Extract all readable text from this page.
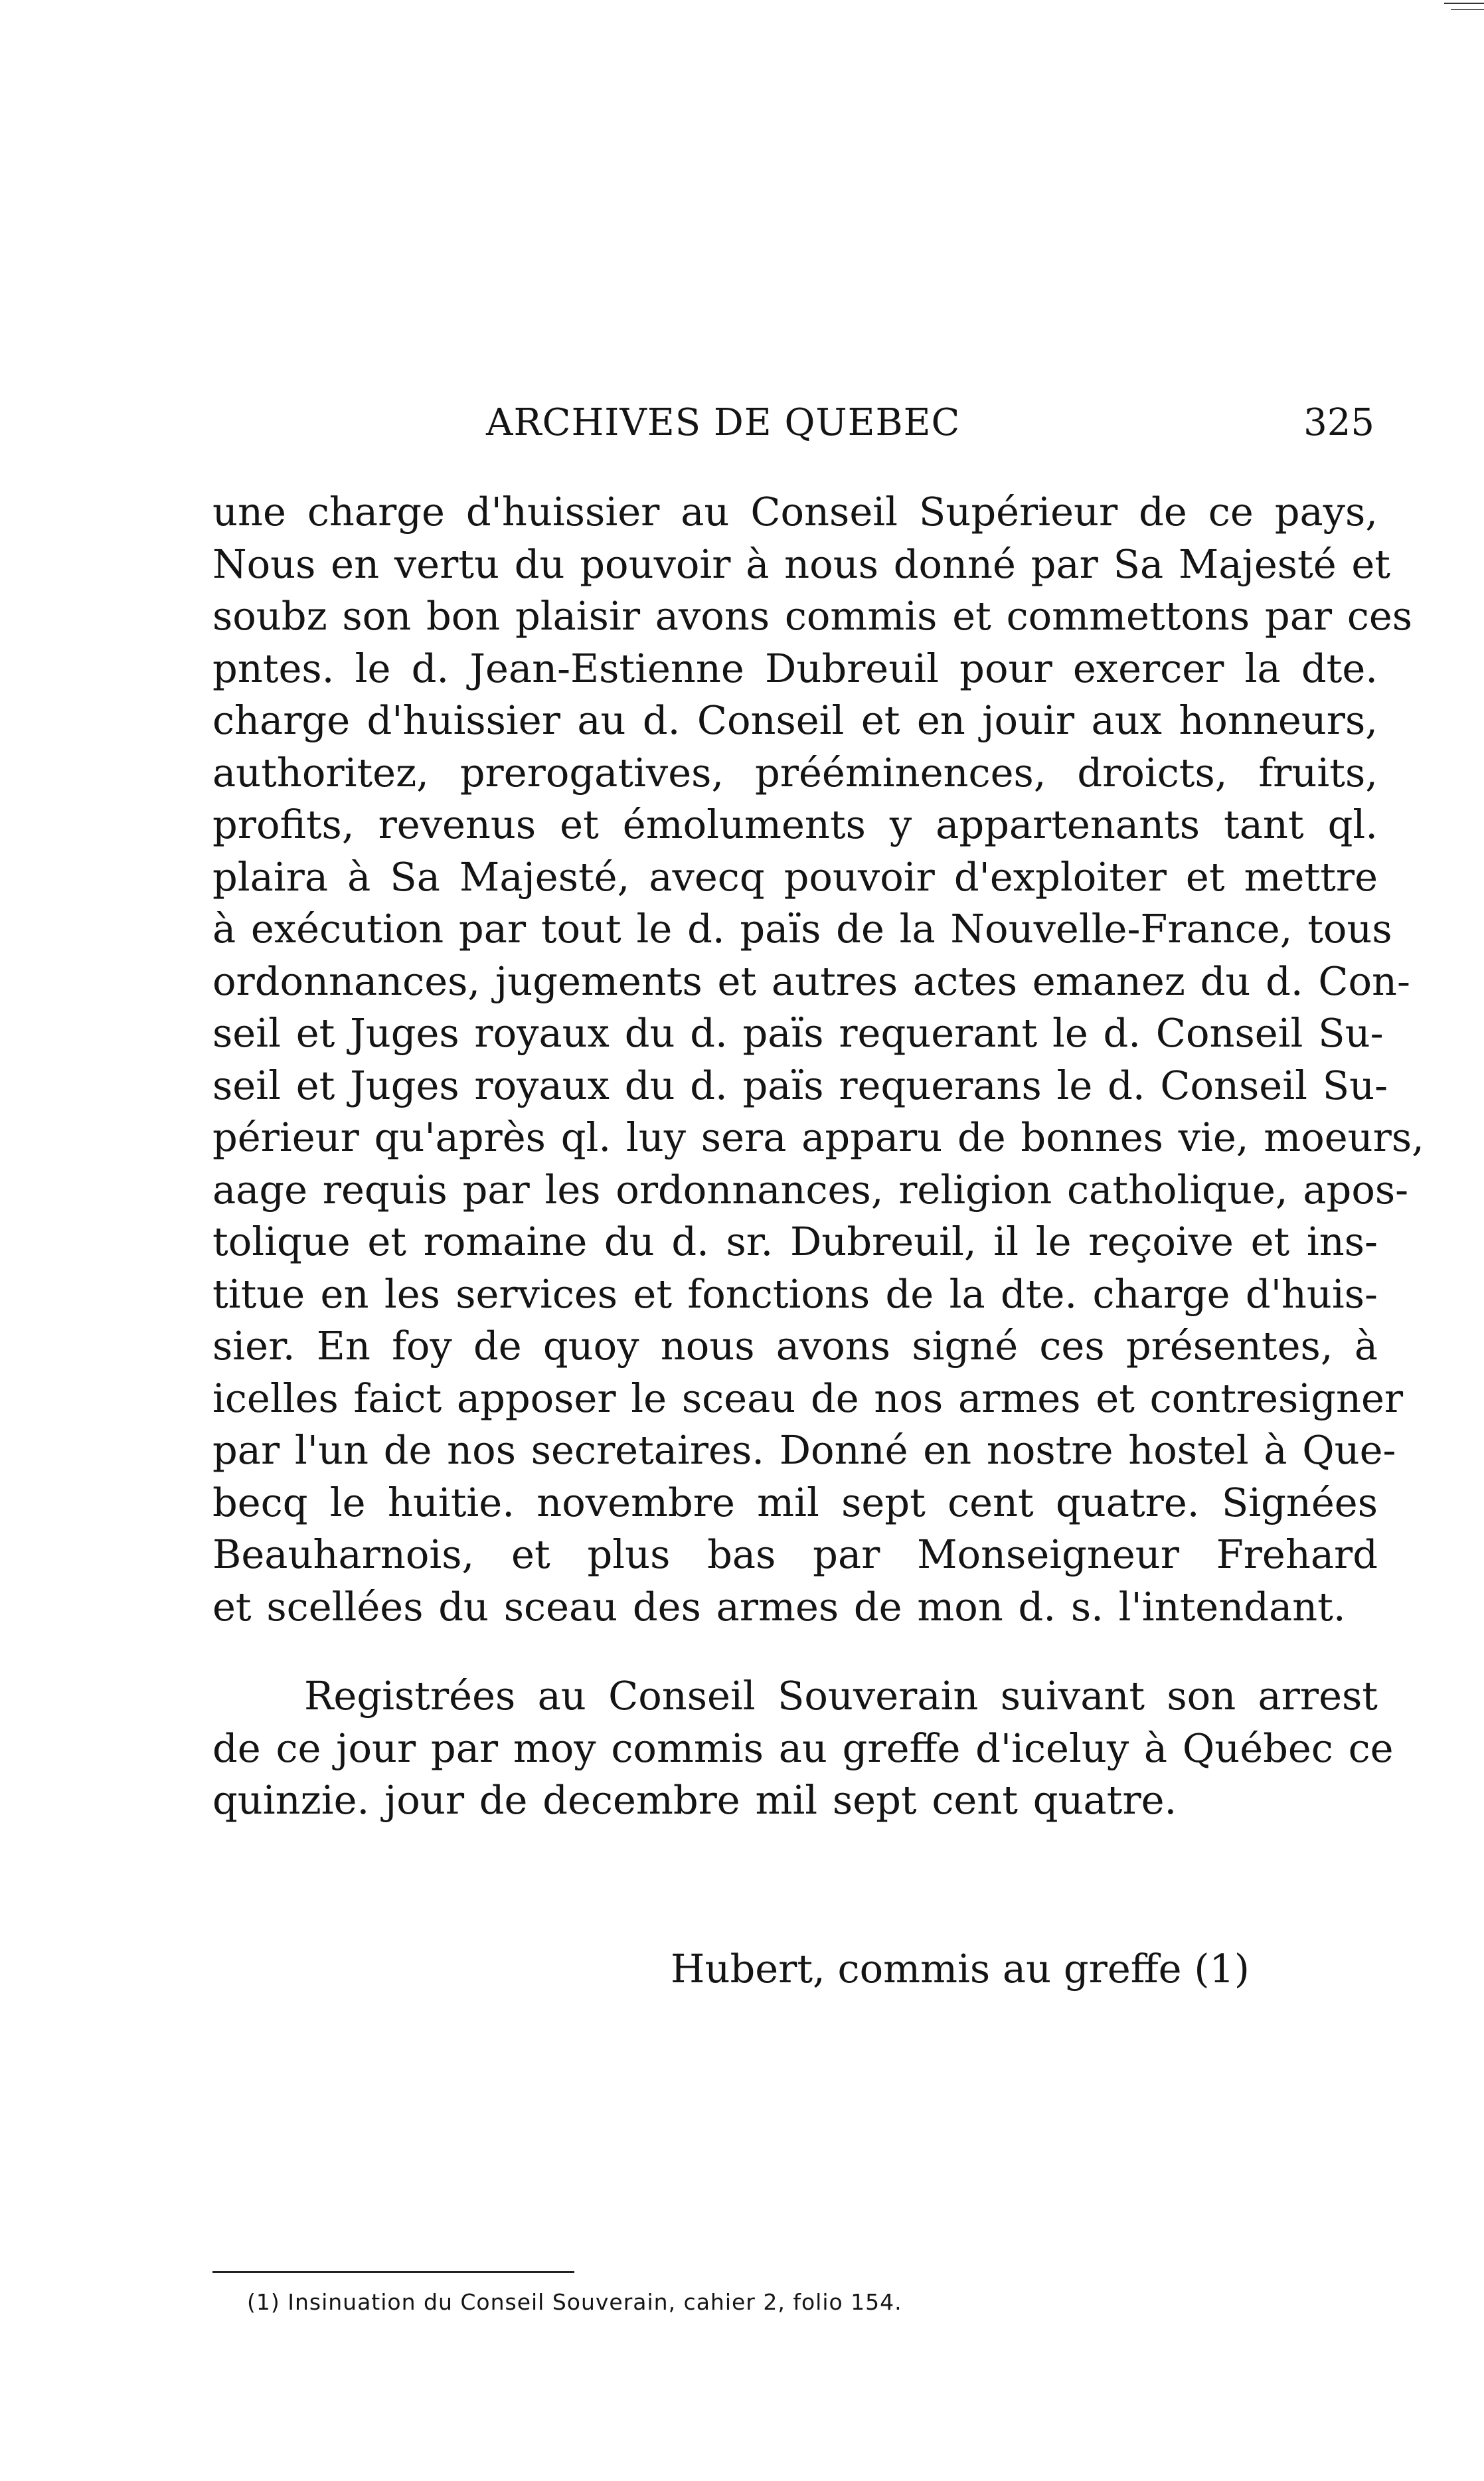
ARCHIVES DE QUEBEC	325
une charge d'huissier au Conseil Supérieur de ce pays,
Nous en vertu du pouvoir à nous donné par Sa Majesté et
soubz son bon plaisir avons commis et commettons par ces
pntes. le d. Jean-Estienne Dubreuil pour exercer la dte.
charge d'huissier au d. Conseil et en jouir aux honneurs,
authoritez, prerogatives, prééminences, droicts, fruits,
profits, revenus et émoluments y appartenants tant ql.
plaira à Sa Majesté, avecq pouvoir d'exploiter et mettre
à exécution par tout le d. païs de la Nouvelle-France, tous
ordonnances, jugements et autres actes emanez du d. Con-
seil et Juges royaux du d. païs requerant le d. Conseil Su-
seil et Juges royaux du d. païs requerans le d. Conseil Su-
périeur qu'après ql. luy sera apparu de bonnes vie, moeurs,
aage requis par les ordonnances, religion catholique, apos-
tolique et romaine du d. sr. Dubreuil, il le reçoive et ins-
titue en les services et fonctions de la dte. charge d'huis-
sier. En foy de quoy nous avons signé ces présentes, à
icelles faict apposer le sceau de nos armes et contresigner
par l'un de nos secretaires. Donné en nostre hostel à Que-
becq le huitie. novembre mil sept cent quatre. Signées
Beauharnois, et plus bas par Monseigneur Frehard
et scellées du sceau des armes de mon d. s. l'intendant.
Registrées au Conseil Souverain suivant son arrest
de ce jour par moy commis au greffe d'iceluy à Québec ce
quinzie. jour de decembre mil sept cent quatre.
Hubert, commis au greffe (1)
(1) Insinuation du Conseil Souverain, cahier 2, folio 154.
